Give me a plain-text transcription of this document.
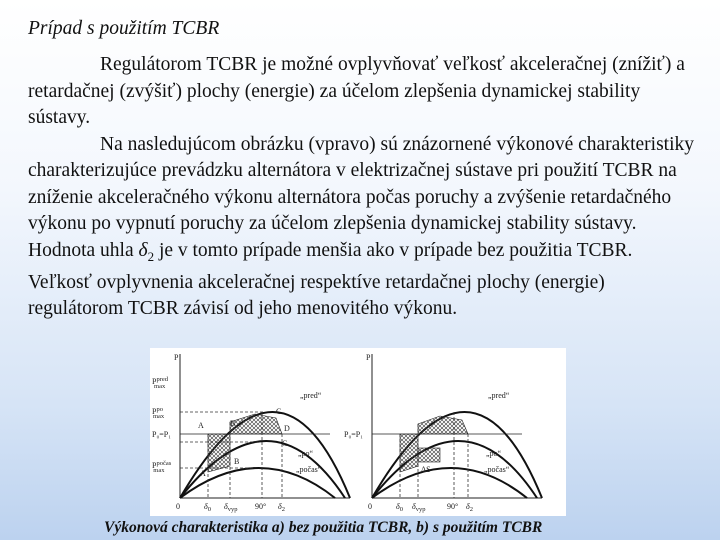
Prípad s použitím TCBR

Regulátorom TCBR je možné ovplyvňovať veľkosť akceleračnej (znížiť) a retardačnej (zvýšiť) plochy (energie) za účelom zlepšenia dynamickej stability sústavy.

Na nasledujúcom obrázku (vpravo) sú znázornené výkonové charakteristiky charakterizujúce prevádzku alternátora v elektrizačnej sústave pri použití TCBR na zníženie akceleračného výkonu alternátora počas poruchy a zvýšenie retardačného výkonu po vypnutí poruchy za účelom zlepšenia dynamickej stability sústavy. Hodnota uhla $\delta_2$ je v tomto prípade menšia ako v prípade bez použitia TCBR. Veľkosť ovplyvnenia akceleračnej respektíve retardačnej plochy (energie) regulátorom TCBR závisí od jeho menovitého výkonu.

P
$P^{pred}$ max
$P^{po}$ max
P₀=P₁
$P^{počas}$ max
0	$\delta_0$ $\delta_{vyp}$ 90° $\delta_2$
„pred“
„po“
„počas“
A	B
C
D
A
B
C
P
P₀=P₁
0	$\delta_0$ $\delta_{vyp}$	90° $\delta_2$
„pred“
„po“
„počas“
ΔS

Výkonová charakteristika a) bez použitia TCBR, b) s použitím TCBR
